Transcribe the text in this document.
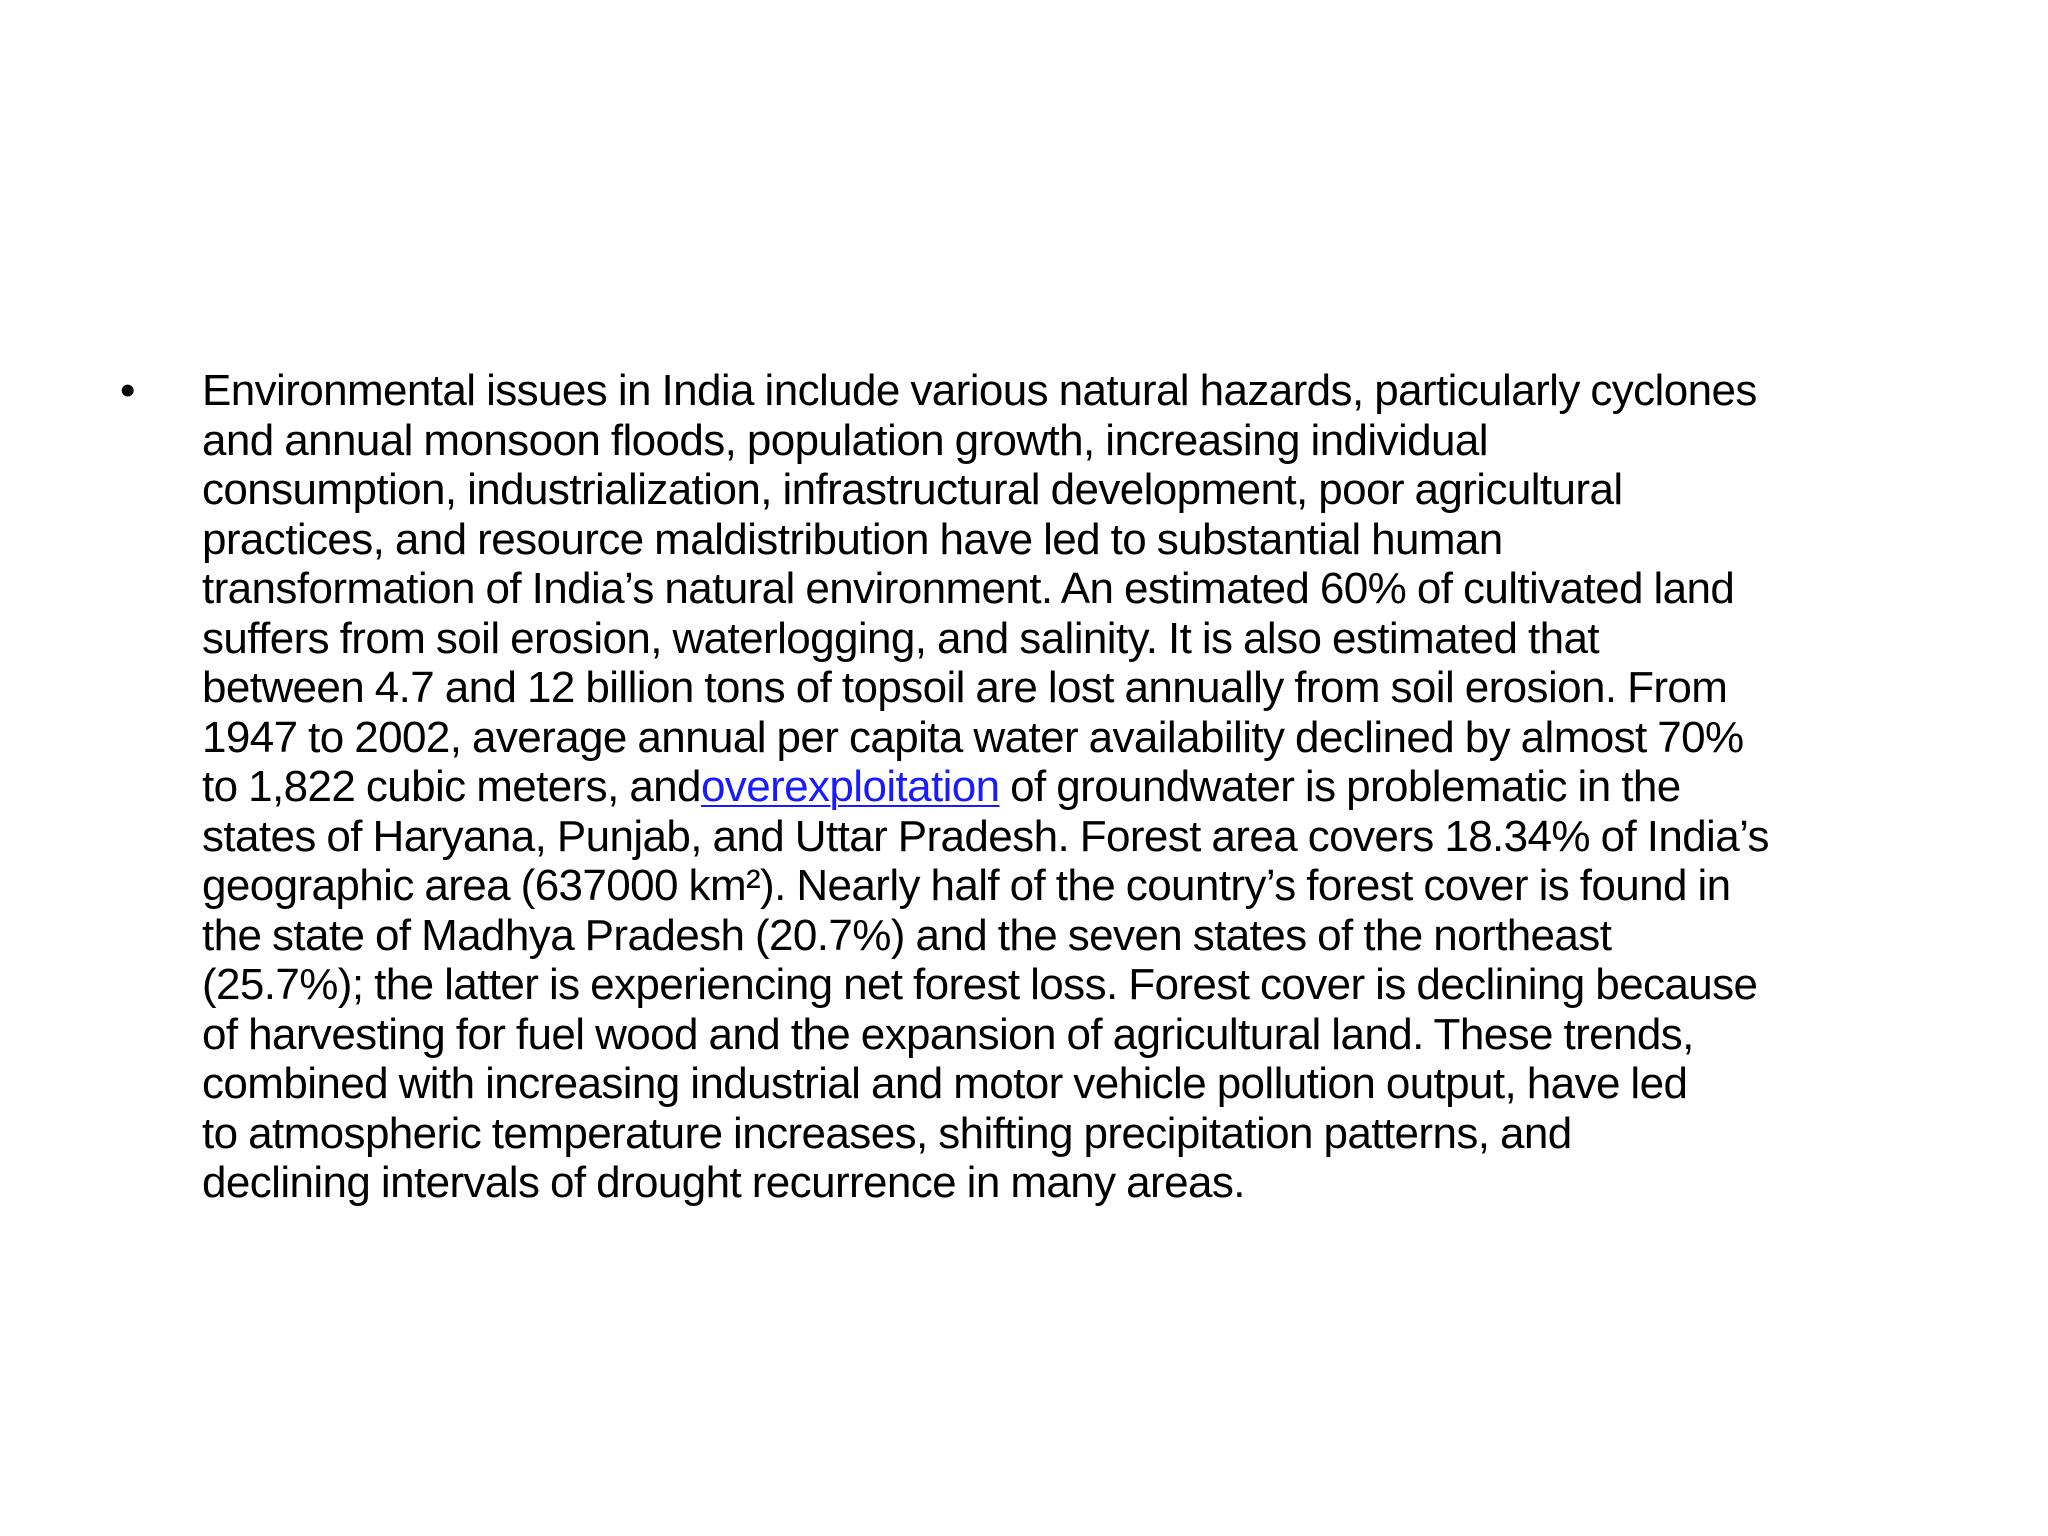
• Environmental issues in India include various natural hazards, particularly cyclones
and annual monsoon floods, population growth, increasing individual
consumption, industrialization, infrastructural development, poor agricultural
practices, and resource maldistribution have led to substantial human
transformation of India’s natural environment. An estimated 60% of cultivated land
suffers from soil erosion, waterlogging, and salinity. It is also estimated that
between 4.7 and 12 billion tons of topsoil are lost annually from soil erosion. From
1947 to 2002, average annual per capita water availability declined by almost 70%
to 1,822 cubic meters, andoverexploitation of groundwater is problematic in the
states of Haryana, Punjab, and Uttar Pradesh. Forest area covers 18.34% of India’s
geographic area (637000 km²). Nearly half of the country’s forest cover is found in
the state of Madhya Pradesh (20.7%) and the seven states of the northeast
(25.7%); the latter is experiencing net forest loss. Forest cover is declining because
of harvesting for fuel wood and the expansion of agricultural land. These trends,
combined with increasing industrial and motor vehicle pollution output, have led
to atmospheric temperature increases, shifting precipitation patterns, and
declining intervals of drought recurrence in many areas.
